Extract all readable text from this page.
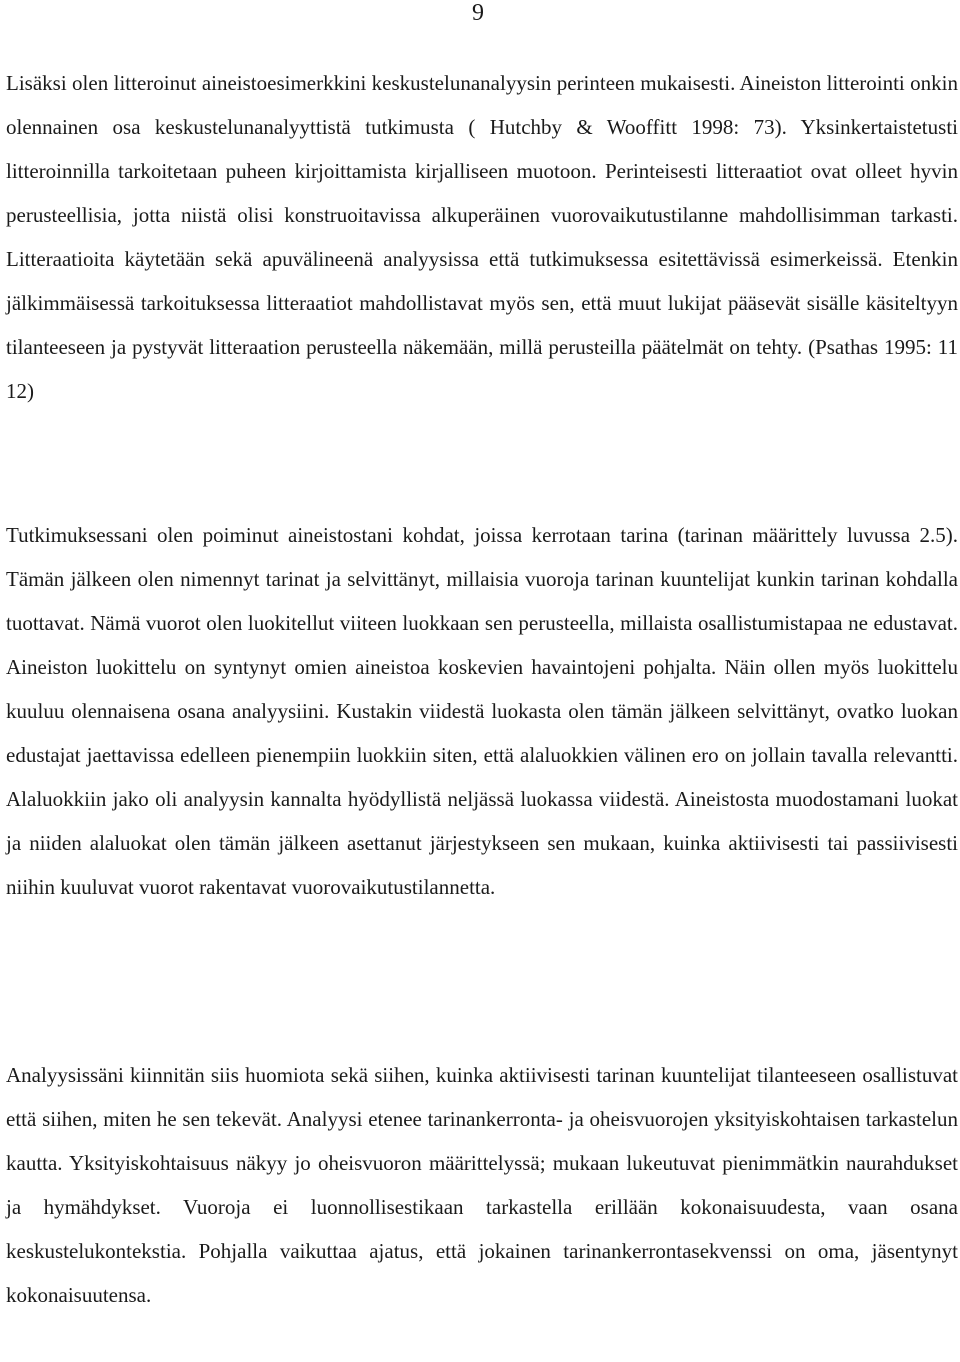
9

Lisäksi olen litteroinut aineistoesimerkkini keskustelunanalyysin perinteen mukaisesti. Aineiston litterointi onkin olennainen osa keskustelunanalyyttistä tutkimusta ( Hutchby & Wooffitt 1998: 73). Yksinkertaistetusti litteroinnilla tarkoitetaan puheen kirjoittamista kirjalliseen muotoon. Perinteisesti litteraatiot ovat olleet hyvin perusteellisia, jotta niistä olisi konstruoitavissa alkuperäinen vuorovaikutustilanne mahdollisimman tarkasti. Litteraatioita käytetään sekä apuvälineenä analyysissa että tutkimuksessa esitettävissä esimerkeissä. Etenkin jälkimmäisessä tarkoituksessa litteraatiot mahdollistavat myös sen, että muut lukijat pääsevät sisälle käsiteltyyn tilanteeseen ja pystyvät litteraation perusteella näkemään, millä perusteilla päätelmät on tehty. (Psathas 1995: 11 12)

Tutkimuksessani olen poiminut aineistostani kohdat, joissa kerrotaan tarina (tarinan määrittely luvussa 2.5). Tämän jälkeen olen nimennyt tarinat ja selvittänyt, millaisia vuoroja tarinan kuuntelijat kunkin tarinan kohdalla tuottavat. Nämä vuorot olen luokitellut viiteen luokkaan sen perusteella, millaista osallistumistapaa ne edustavat. Ainеiston luokittelu on syntynyt omien aineistoa koskevien havaintojeni pohjalta. Näin ollen myös luokittelu kuuluu olennaisena osana analyysiini. Kustakin viidestä luokasta olen tämän jälkeen selvittänyt, ovatko luokan edustajat jaettavissa edelleen pienempiin luokkiin siten, että alaluokkien välinen ero on jollain tavalla relevantti. Alaluokkiin jako oli analyysin kannalta hyödyllistä neljässä luokassa viidestä. Aineistosta muodostamani luokat ja niiden alaluokat olen tämän jälkeen asettanut järjestykseen sen mukaan, kuinka aktiivisesti tai passiivisesti niihin kuuluvat vuorot rakentavat vuorovaikutustilannetta.

Analyysissäni kiinnitän siis huomiota sekä siihen, kuinka aktiivisesti tarinan kuuntelijat tilanteeseen osallistuvat että siihen, miten he sen tekevät. Analyysi etenee tarinankerronta- ja oheisvuorojen yksityiskohtaisen tarkastelun kautta. Yksityiskohtaisuus näkyy jo oheisvuoron määrittelyssä; mukaan lukeutuvat pienimmätkin naurahdukset ja hymähdykset. Vuoroja ei luonnollisestikaan tarkastella erillään kokonaisuudesta, vaan osana keskustelukontekstia. Pohjalla vaikuttaa ajatus, että jokainen tarinankerrontasekvenssi on oma, jäsentynyt kokonaisuutensa.
